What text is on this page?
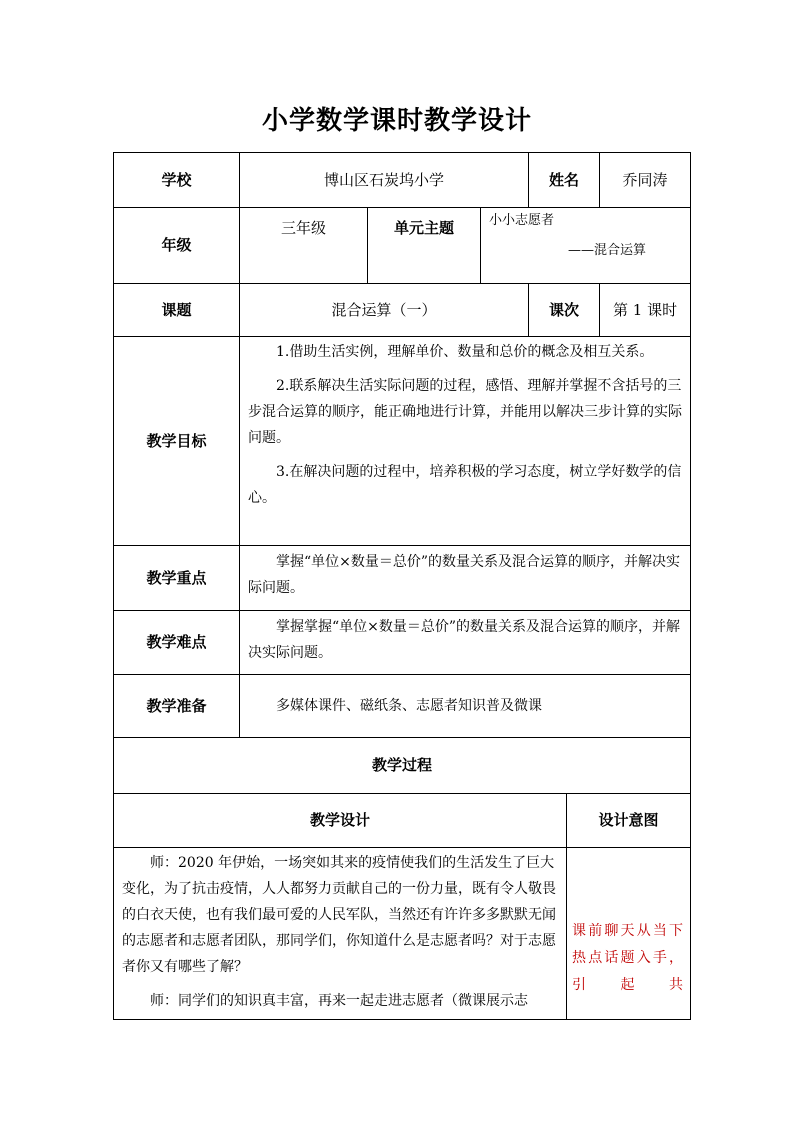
小学数学课时教学设计
学校	博山区石炭坞小学			姓名		乔同涛
年级	三年级	单元主题	小小志愿者
——混合运算			

课题	混合运算（一）			课次		第 1 课时
教学目标	1.借助生活实例，理解单价、数量和总价的概念及相互关系。

2.联系解决生活实际问题的过程，感悟、理解并掌握不含括号的三步混合运算的顺序，能正确地进行计算，并能用以解决三步计算的实际问题。

3.在解决问题的过程中，培养积极的学习态度，树立学好数学的信心。					

教学重点	掌握“单位×数量＝总价”的数量关系及混合运算的顺序，并解决实际问题。					

教学难点	掌握掌握“单位×数量＝总价”的数量关系及混合运算的顺序，并解决实际问题。					

教学准备	多媒体课件、磁纸条、志愿者知识普及微课					

教学过程						
教学设计					设计意图	

师：2020 年伊始，一场突如其来的疫情使我们的生活发生了巨大变化，为了抗击疫情，人人都努力贡献自己的一份力量，既有令人敬畏的白衣天使，也有我们最可爱的人民军队，当然还有许许多多默默无闻的志愿者和志愿者团队，那同学们，你知道什么是志愿者吗？对于志愿者你又有哪些了解？

师：同学们的知识真丰富，再来一起走进志愿者（微课展示志					课前聊天从当下热点话题入手，引起共	
